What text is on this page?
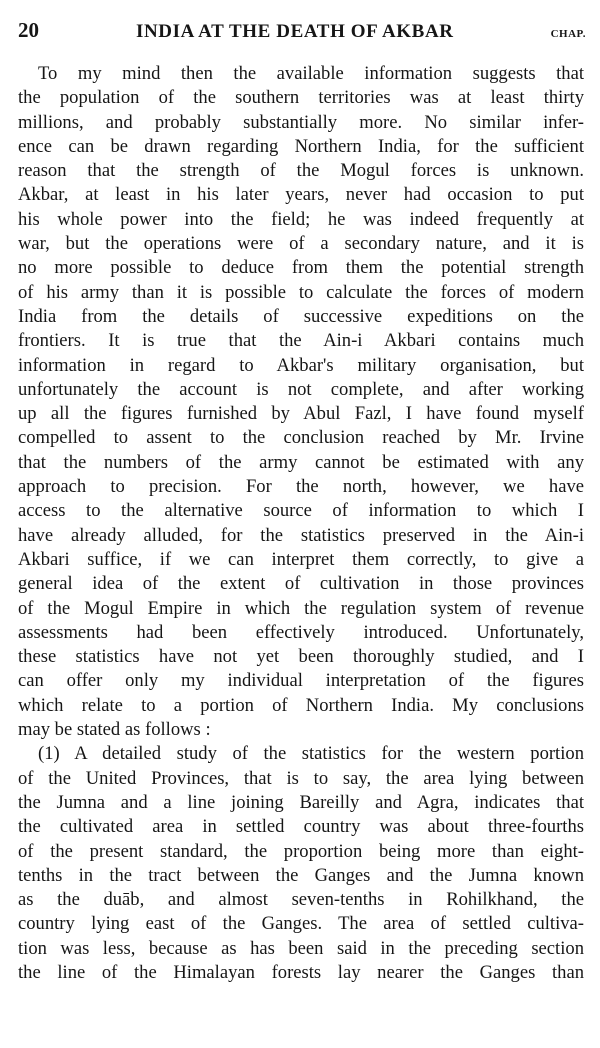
20	INDIA AT THE DEATH OF AKBAR	CHAP.
To my mind then the available information suggests that
the population of the southern territories was at least thirty
millions, and probably substantially more. No similar infer-
ence can be drawn regarding Northern India, for the sufficient
reason that the strength of the Mogul forces is unknown.
Akbar, at least in his later years, never had occasion to put
his whole power into the field; he was indeed frequently at
war, but the operations were of a secondary nature, and it is
no more possible to deduce from them the potential strength
of his army than it is possible to calculate the forces of modern
India from the details of successive expeditions on the
frontiers. It is true that the Ain-i Akbari contains much
information in regard to Akbar's military organisation, but
unfortunately the account is not complete, and after working
up all the figures furnished by Abul Fazl, I have found myself
compelled to assent to the conclusion reached by Mr. Irvine
that the numbers of the army cannot be estimated with any
approach to precision. For the north, however, we have
access to the alternative source of information to which I
have already alluded, for the statistics preserved in the Ain-i
Akbari suffice, if we can interpret them correctly, to give a
general idea of the extent of cultivation in those provinces
of the Mogul Empire in which the regulation system of revenue
assessments had been effectively introduced. Unfortunately,
these statistics have not yet been thoroughly studied, and I
can offer only my individual interpretation of the figures
which relate to a portion of Northern India. My conclusions
may be stated as follows :
(1) A detailed study of the statistics for the western portion
of the United Provinces, that is to say, the area lying between
the Jumna and a line joining Bareilly and Agra, indicates that
the cultivated area in settled country was about three-fourths
of the present standard, the proportion being more than eight-
tenths in the tract between the Ganges and the Jumna known
as the duāb, and almost seven-tenths in Rohilkhand, the
country lying east of the Ganges. The area of settled cultiva-
tion was less, because as has been said in the preceding section
the line of the Himalayan forests lay nearer the Ganges than
